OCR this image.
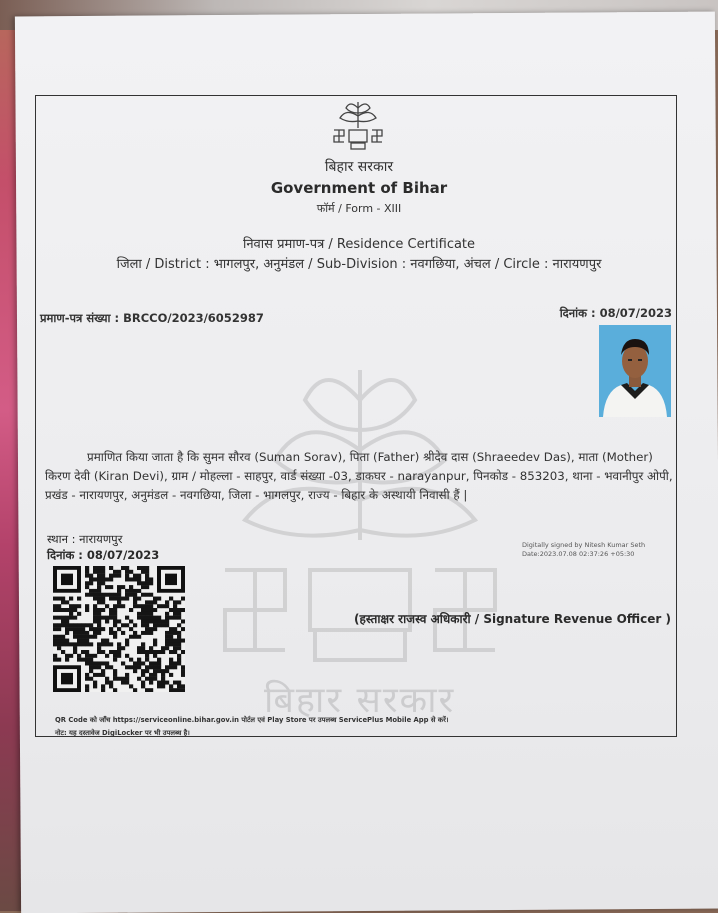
बिहार सरकार
बिहार सरकार
Government of Bihar
फॉर्म / Form - XIII
निवास प्रमाण-पत्र / Residence Certificate
जिला / District : भागलपुर, अनुमंडल / Sub-Division : नवगछिया, अंचल / Circle : नारायणपुर
प्रमाण-पत्र संख्या : BRCCO/2023/6052987	दिनांक : 08/07/2023
प्रमाणित किया जाता है कि सुमन सौरव (Suman Sorav), पिता (Father) श्रीदेव दास (Shraeedev Das), माता (Mother) किरण देवी (Kiran Devi), ग्राम / मोहल्ला - साहपुर, वार्ड संख्या -03, डाकघर - narayanpur, पिनकोड - 853203, थाना - भवानीपुर ओपी, प्रखंड - नारायणपुर, अनुमंडल - नवगछिया, जिला - भागलपुर, राज्य - बिहार के अस्थायी निवासी हैं |
स्थान : नारायणपुर
दिनांक : 08/07/2023
Digitally signed by Nitesh Kumar Seth
Date:2023.07.08 02:37:26 +05:30
(हस्ताक्षर राजस्व अधिकारी / Signature Revenue Officer )
QR Code को जाँच https://serviceonline.bihar.gov.in पोर्टल एवं Play Store पर उपलब्ध ServicePlus Mobile App से करें।
नोट: यह दस्तावेज DigiLocker पर भी उपलब्ध है।
